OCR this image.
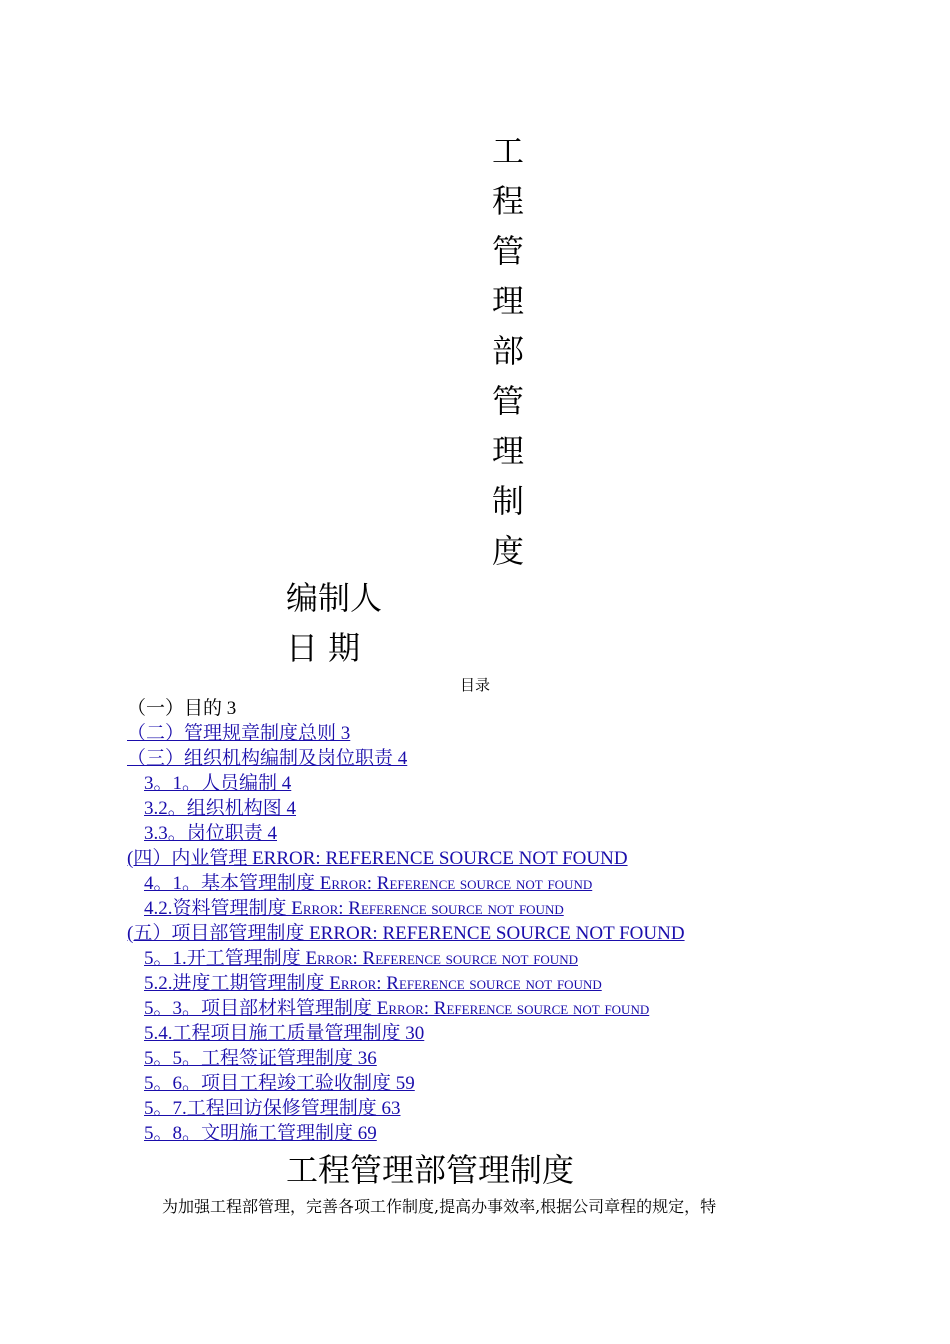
工
程
管
理
部
管
理
制
度
编制人
日 期
目录
（一）目的 3
（二）管理规章制度总则 3
（三）组织机构编制及岗位职责 4
3。1。人员编制 4
3.2。组织机构图 4
3.3。岗位职责 4
(四）内业管理 ERROR: REFERENCE SOURCE NOT FOUND
4。1。基本管理制度 Error: Reference source not found
4.2.资料管理制度 Error: Reference source not found
(五）项目部管理制度 ERROR: REFERENCE SOURCE NOT FOUND
5。1.开工管理制度 Error: Reference source not found
5.2.进度工期管理制度 Error: Reference source not found
5。3。项目部材料管理制度 Error: Reference source not found
5.4.工程项目施工质量管理制度 30
5。5。工程签证管理制度 36
5。6。项目工程竣工验收制度 59
5。7.工程回访保修管理制度 63
5。8。文明施工管理制度 69
工程管理部管理制度
为加强工程部管理，完善各项工作制度,提高办事效率,根据公司章程的规定，特
